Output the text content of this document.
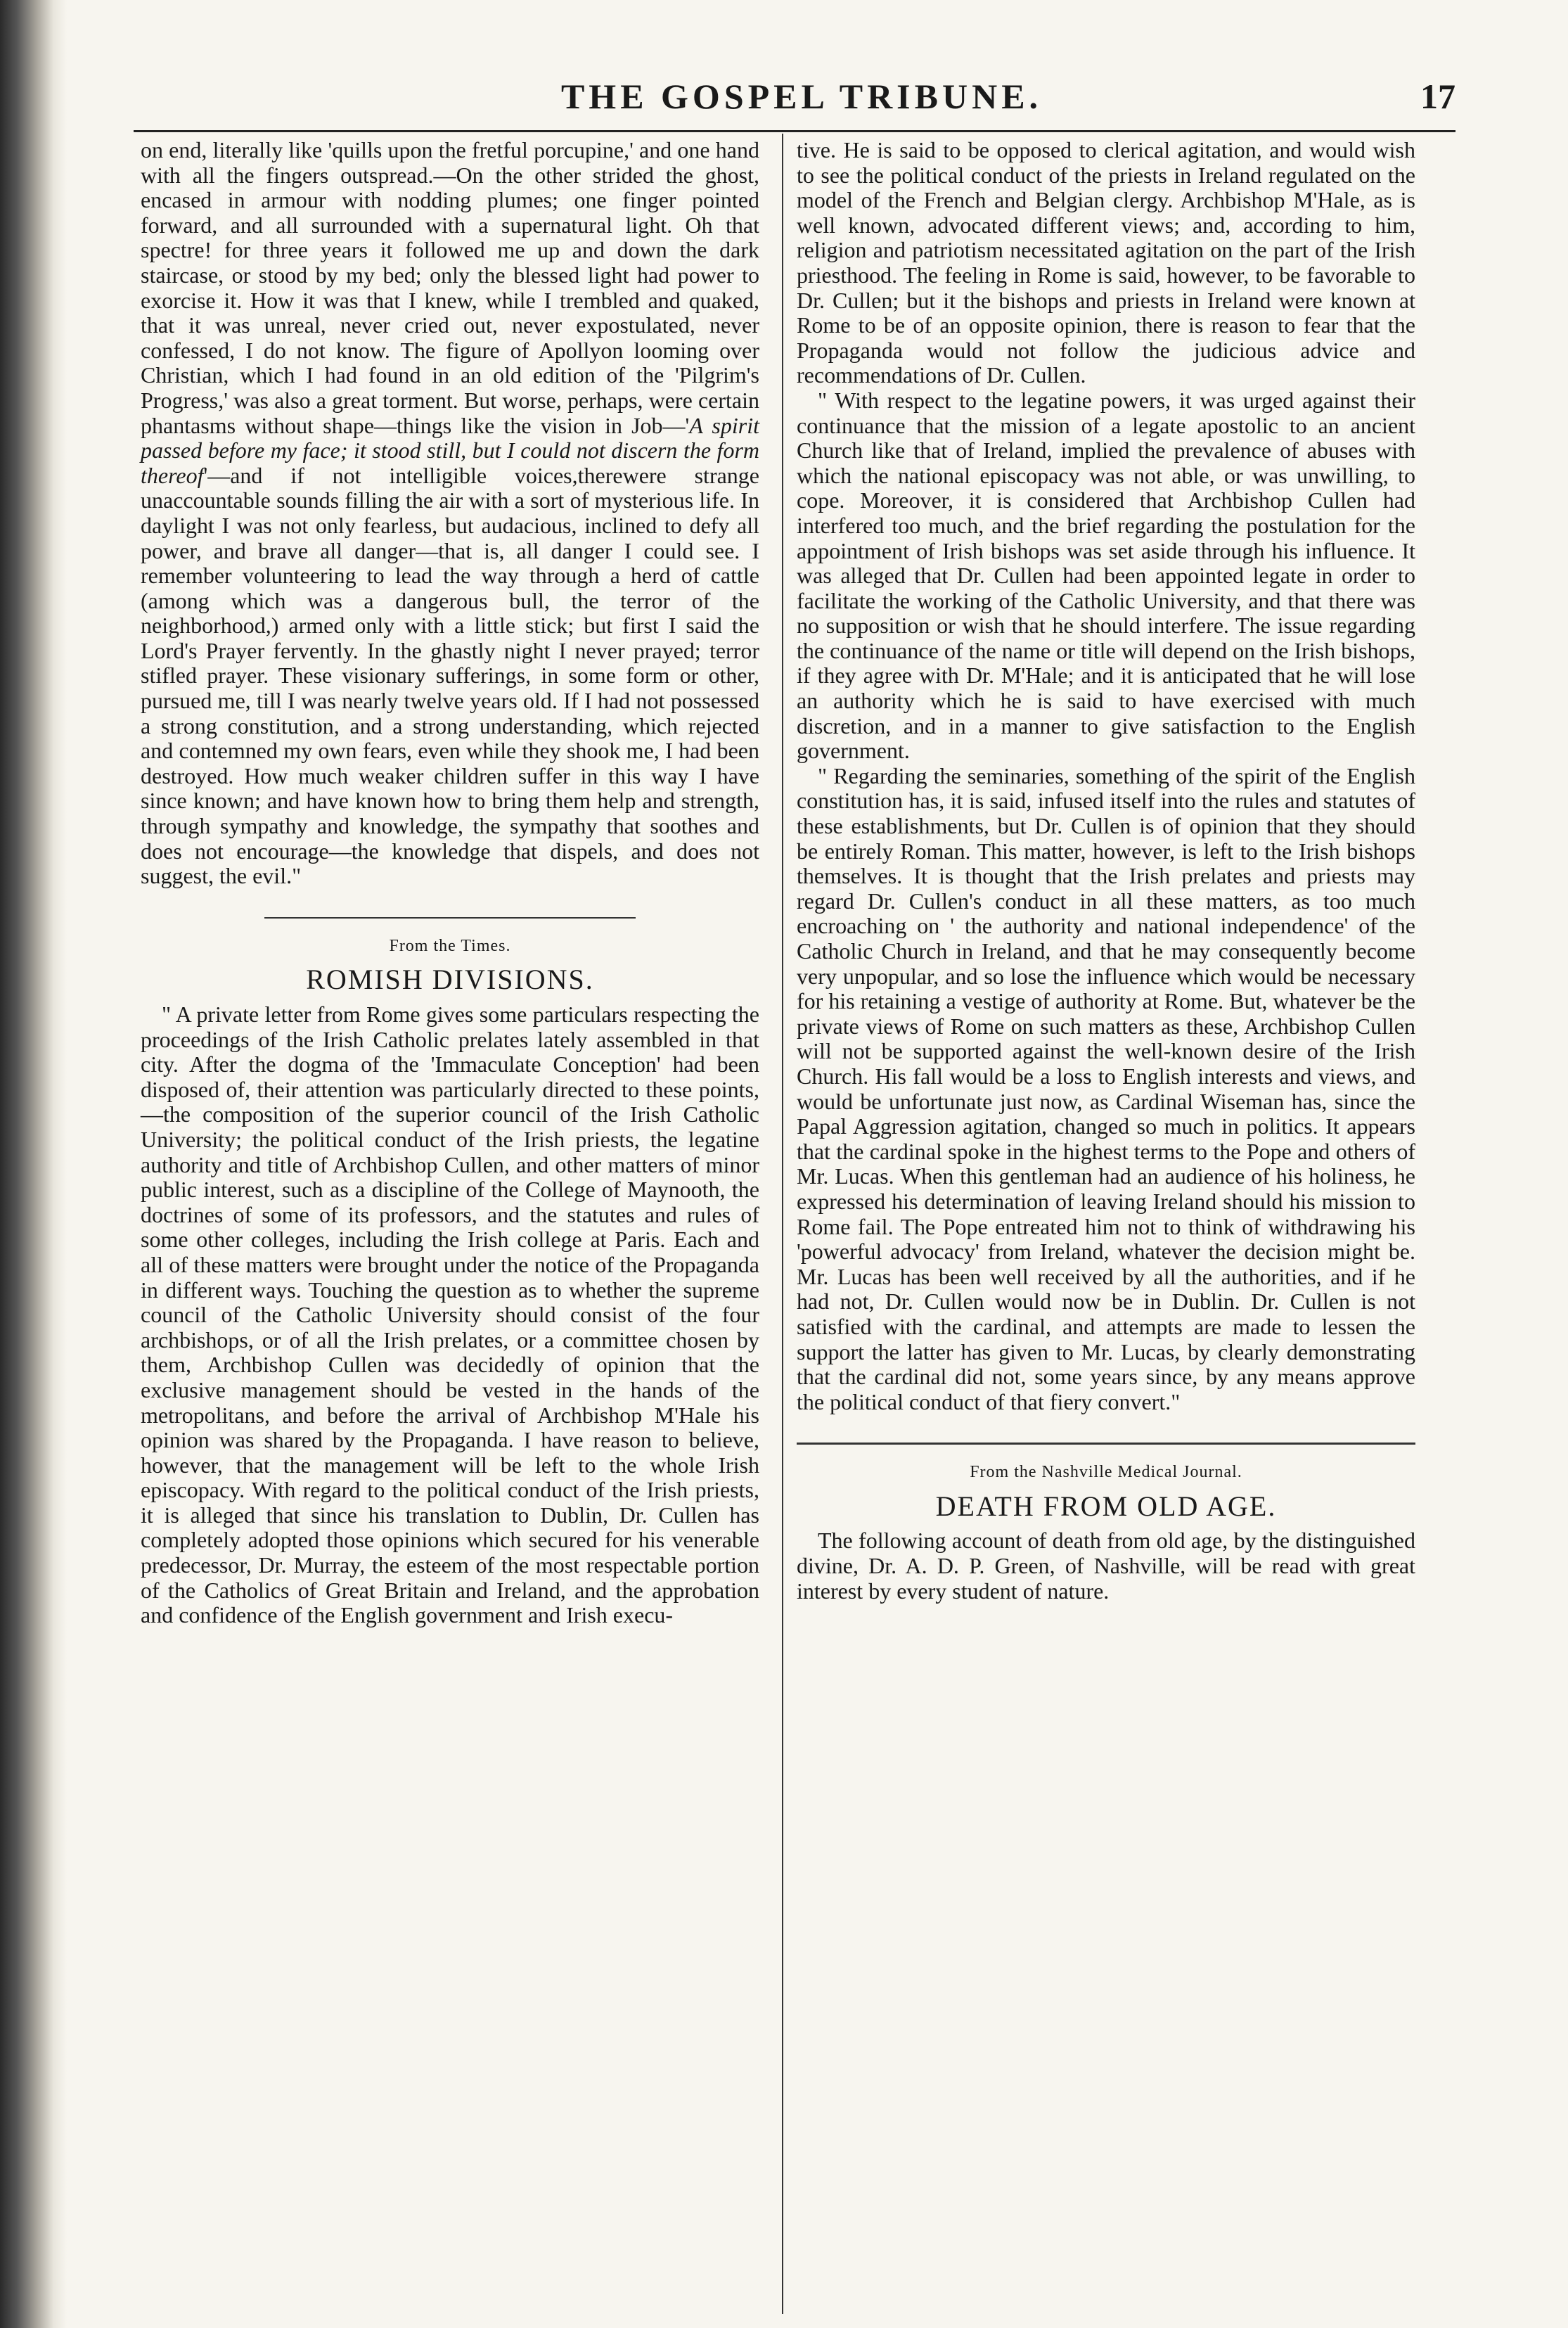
THE GOSPEL TRIBUNE.	17

on end, literally like 'quills upon the fretful porcupine,' and one hand with all the fingers outspread.—On the other strided the ghost, encased in armour with nodding plumes; one finger pointed forward, and all surrounded with a supernatural light. Oh that spectre! for three years it followed me up and down the dark staircase, or stood by my bed; only the blessed light had power to exorcise it. How it was that I knew, while I trembled and quaked, that it was unreal, never cried out, never expostulated, never confessed, I do not know. The figure of Apollyon looming over Christian, which I had found in an old edition of the 'Pilgrim's Progress,' was also a great torment. But worse, perhaps, were certain phantasms without shape—things like the vision in Job—'A spirit passed before my face; it stood still, but I could not discern the form thereof'—and if not intelligible voices,therewere strange unaccountable sounds filling the air with a sort of mysterious life. In daylight I was not only fearless, but audacious, inclined to defy all power, and brave all danger—that is, all danger I could see. I remember volunteering to lead the way through a herd of cattle (among which was a dangerous bull, the terror of the neighborhood,) armed only with a little stick; but first I said the Lord's Prayer fervently. In the ghastly night I never prayed; terror stifled prayer. These visionary sufferings, in some form or other, pursued me, till I was nearly twelve years old. If I had not possessed a strong constitution, and a strong understanding, which rejected and contemned my own fears, even while they shook me, I had been destroyed. How much weaker children suffer in this way I have since known; and have known how to bring them help and strength, through sympathy and knowledge, the sympathy that soothes and does not encourage—the knowledge that dispels, and does not suggest, the evil."

From the Times.
ROMISH DIVISIONS.

" A private letter from Rome gives some particulars respecting the proceedings of the Irish Catholic prelates lately assembled in that city. After the dogma of the 'Immaculate Conception' had been disposed of, their attention was particularly directed to these points,—the composition of the superior council of the Irish Catholic University; the political conduct of the Irish priests, the legatine authority and title of Archbishop Cullen, and other matters of minor public interest, such as a discipline of the College of Maynooth, the doctrines of some of its professors, and the statutes and rules of some other colleges, including the Irish college at Paris. Each and all of these matters were brought under the notice of the Propaganda in different ways. Touching the question as to whether the supreme council of the Catholic University should consist of the four archbishops, or of all the Irish prelates, or a committee chosen by them, Archbishop Cullen was decidedly of opinion that the exclusive management should be vested in the hands of the metropolitans, and before the arrival of Archbishop M'Hale his opinion was shared by the Propaganda. I have reason to believe, however, that the management will be left to the whole Irish episcopacy. With regard to the political conduct of the Irish priests, it is alleged that since his translation to Dublin, Dr. Cullen has completely adopted those opinions which secured for his venerable predecessor, Dr. Murray, the esteem of the most respectable portion of the Catholics of Great Britain and Ireland, and the approbation and confidence of the English government and Irish execu-

tive. He is said to be opposed to clerical agitation, and would wish to see the political conduct of the priests in Ireland regulated on the model of the French and Belgian clergy. Archbishop M'Hale, as is well known, advocated different views; and, according to him, religion and patriotism necessitated agitation on the part of the Irish priesthood. The feeling in Rome is said, however, to be favorable to Dr. Cullen; but it the bishops and priests in Ireland were known at Rome to be of an opposite opinion, there is reason to fear that the Propaganda would not follow the judicious advice and recommendations of Dr. Cullen.

" With respect to the legatine powers, it was urged against their continuance that the mission of a legate apostolic to an ancient Church like that of Ireland, implied the prevalence of abuses with which the national episcopacy was not able, or was unwilling, to cope. Moreover, it is considered that Archbishop Cullen had interfered too much, and the brief regarding the postulation for the appointment of Irish bishops was set aside through his influence. It was alleged that Dr. Cullen had been appointed legate in order to facilitate the working of the Catholic University, and that there was no supposition or wish that he should interfere. The issue regarding the continuance of the name or title will depend on the Irish bishops, if they agree with Dr. M'Hale; and it is anticipated that he will lose an authority which he is said to have exercised with much discretion, and in a manner to give satisfaction to the English government.

" Regarding the seminaries, something of the spirit of the English constitution has, it is said, infused itself into the rules and statutes of these establishments, but Dr. Cullen is of opinion that they should be entirely Roman. This matter, however, is left to the Irish bishops themselves. It is thought that the Irish prelates and priests may regard Dr. Cullen's conduct in all these matters, as too much encroaching on ' the authority and national independence' of the Catholic Church in Ireland, and that he may consequently become very unpopular, and so lose the influence which would be necessary for his retaining a vestige of authority at Rome. But, whatever be the private views of Rome on such matters as these, Archbishop Cullen will not be supported against the well-known desire of the Irish Church. His fall would be a loss to English interests and views, and would be unfortunate just now, as Cardinal Wiseman has, since the Papal Aggression agitation, changed so much in politics. It appears that the cardinal spoke in the highest terms to the Pope and others of Mr. Lucas. When this gentleman had an audience of his holiness, he expressed his determination of leaving Ireland should his mission to Rome fail. The Pope entreated him not to think of withdrawing his 'powerful advocacy' from Ireland, whatever the decision might be. Mr. Lucas has been well received by all the authorities, and if he had not, Dr. Cullen would now be in Dublin. Dr. Cullen is not satisfied with the cardinal, and attempts are made to lessen the support the latter has given to Mr. Lucas, by clearly demonstrating that the cardinal did not, some years since, by any means approve the political conduct of that fiery convert."

From the Nashville Medical Journal.
DEATH FROM OLD AGE.

The following account of death from old age, by the distinguished divine, Dr. A. D. P. Green, of Nashville, will be read with great interest by every student of nature.
